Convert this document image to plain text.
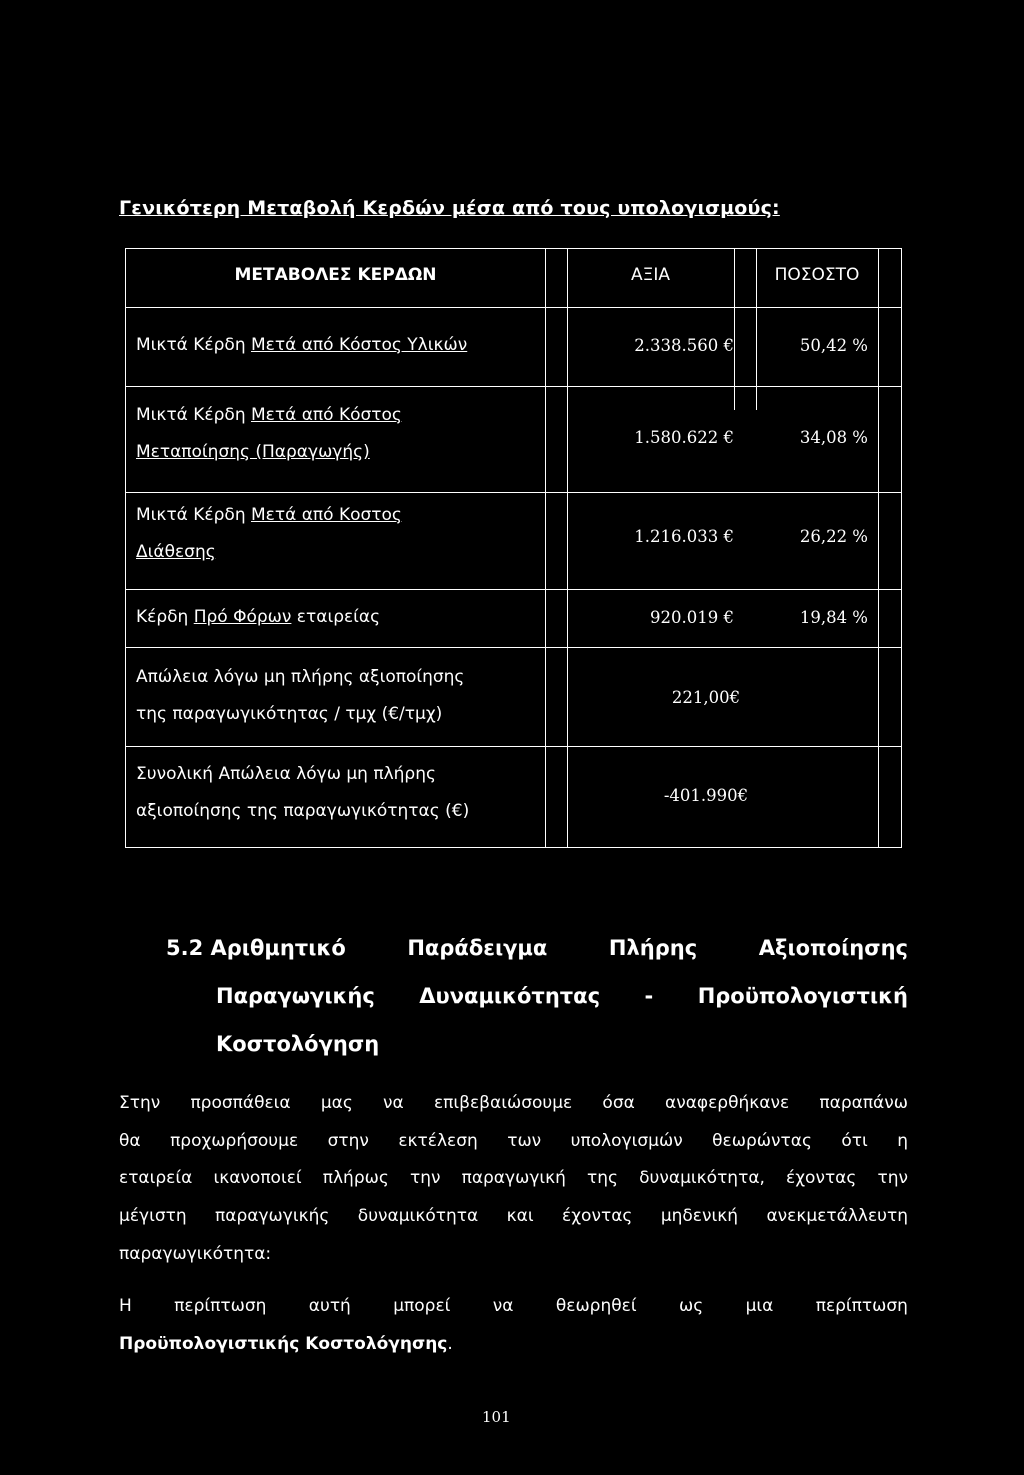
Γενικότερη Μεταβολή Κερδών μέσα από τους υπολογισμούς:
ΜΕΤΑΒΟΛΕΣ ΚΕΡΔΩΝ	ΑΞΙΑ	ΠΟΣΟΣΤΟ
Μικτά Κέρδη Μετά από Κόστος Υλικών	2.338.560 €	50,42 %
Μικτά Κέρδη Μετά από Κόστος
Μεταποίησης (Παραγωγής)
1.580.622 €	34,08 %
Μικτά Κέρδη Μετά από Κοστος
Διάθεσης
1.216.033 €	26,22 %
Κέρδη Πρό Φόρων εταιρείας	920.019 €	19,84 %
Απώλεια λόγω μη πλήρης αξιοποίησης
της παραγωγικότητας / τμχ (€/τμχ)
221,00€
Συνολική Απώλεια λόγω μη πλήρης
αξιοποίησης της παραγωγικότητας (€)
-401.990€
5.2 Αριθμητικό	Παράδειγμα	Πλήρης	Αξιοποίησης
Παραγωγικής Δυναμικότητας - Προϋπολογιστική
Κοστολόγηση
Στην προσπάθεια μας να επιβεβαιώσουμε όσα αναφερθήκανε παραπάνω
θα προχωρήσουμε στην εκτέλεση των υπολογισμών θεωρώντας ότι η
εταιρεία ικανοποιεί πλήρως την παραγωγική της δυναμικότητα, έχοντας την
μέγιστη παραγωγικής δυναμικότητα και έχοντας μηδενική ανεκμετάλλευτη
παραγωγικότητα:
Η περίπτωση αυτή μπορεί να θεωρηθεί ως μια περίπτωση
Προϋπολογιστικής Κοστολόγησης.
101
